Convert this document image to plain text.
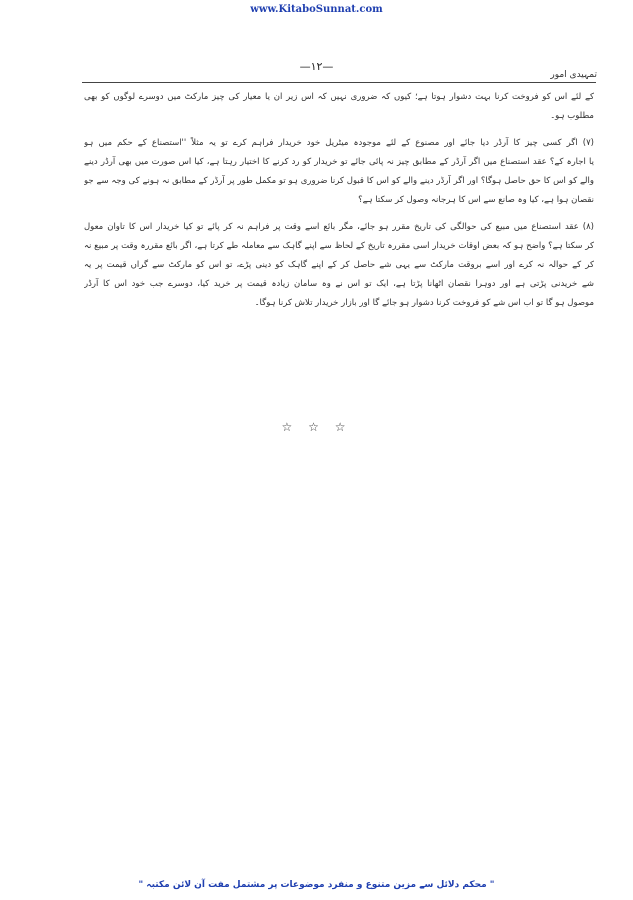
www.KitaboSunnat.com
—۱۲—
تمہیدی امور
کے لئے اس کو فروخت کرنا بہت دشوار ہوتا ہے؛ کیوں کہ ضروری نہیں کہ اس زیر ان یا معیار کی چیز مارکٹ میں دوسرے لوگوں کو بھی
مطلوب ہو۔
(۷) اگر کسی چیز کا آرڈر دیا جائے اور مصنوع کے لئے موجودہ میٹریل خود خریدار فراہم کرے تو یہ مثلاً ''استصناع کے حکم میں ہو
یا اجارہ کے؟ عقد استصناع میں اگر آرڈر کے مطابق چیز نہ پائی جائے تو خریدار کو رد کرنے کا اختیار رہتا ہے، کیا اس صورت میں بھی آرڈر دینے
والے کو اس کا حق حاصل ہوگا؟ اور اگر آرڈر دینے والے کو اس کا قبول کرنا ضروری ہو تو مکمل طور پر آرڈر کے مطابق نہ ہونے کی وجہ سے جو
نقصان ہوا ہے، کیا وہ صانع سے اس کا ہرجانہ وصول کر سکتا ہے؟
(۸) عقد استصناع میں مبیع کی حوالگی کی تاریخ مقرر ہو جائے، مگر بائع اسے وقت پر فراہم نہ کر پائے تو کیا خریدار اس کا تاوان معول
کر سکتا ہے؟ واضح ہو کہ بعض اوقات خریدار اسی مقررہ تاریخ کے لحاظ سے اپنے گاہک سے معاملہ طے کرتا ہے، اگر بائع مقررہ وقت پر مبیع نہ
کر کے حوالہ نہ کرے اور اسے بروقت مارکٹ سے یہی شے حاصل کر کے اپنے گاہک کو دینی پڑے، تو اس کو مارکٹ سے گراں قیمت پر یہ
شے خریدنی پڑتی ہے اور دوہرا نقصان اٹھانا پڑتا ہے، ایک تو اس نے وہ سامان زیادہ قیمت پر خرید کیا، دوسرے جب خود اس کا آرڈر
موصول ہو گا تو اب اس شے کو فروخت کرنا دشوار ہو جائے گا اور بازار خریدار تلاش کرنا ہوگا۔
☆ ☆ ☆
" محکم دلائل سے مزین متنوع و منفرد موضوعات پر مشتمل مفت آن لائن مکتبہ "
